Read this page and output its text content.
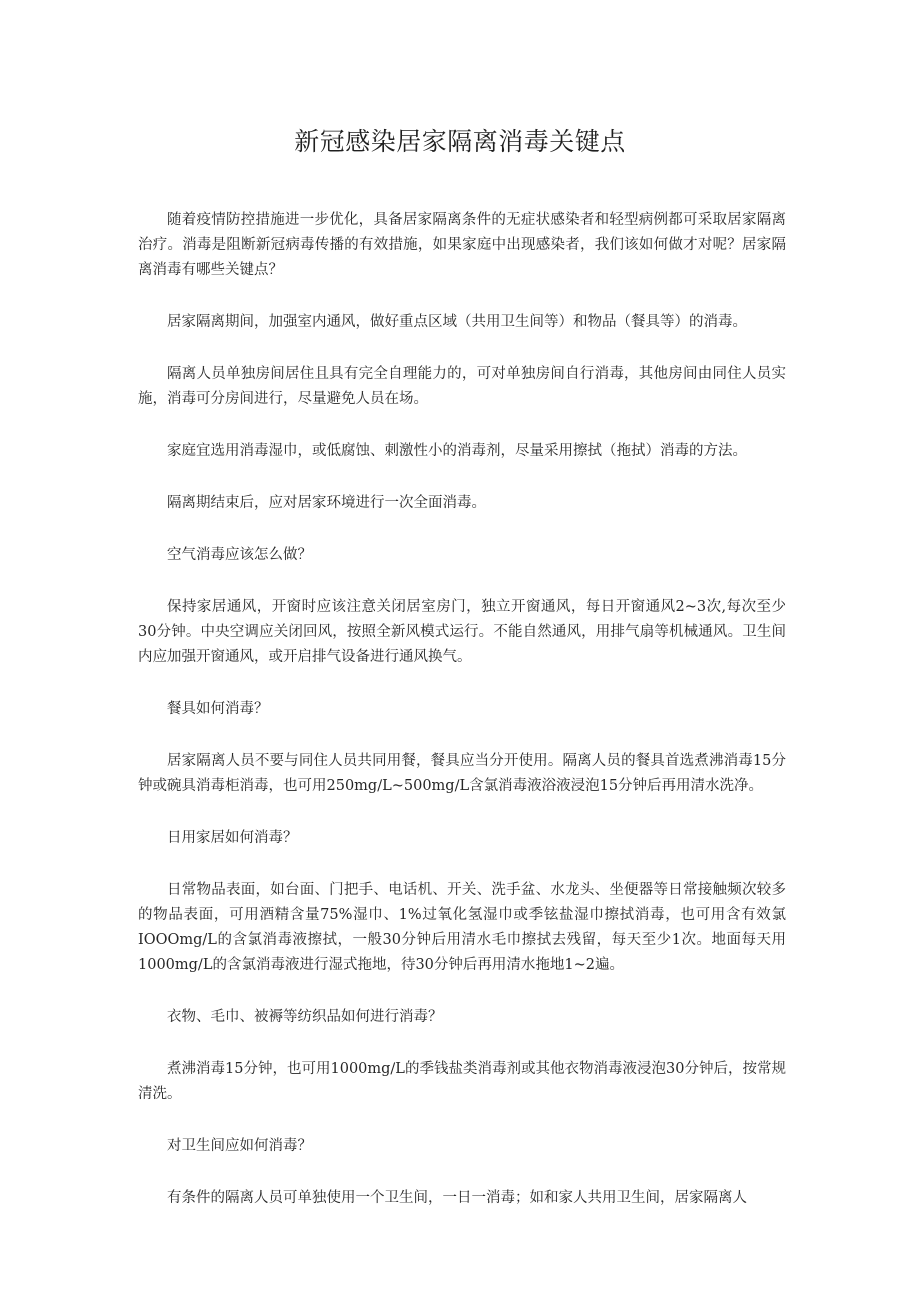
新冠感染居家隔离消毒关键点

随着疫情防控措施进一步优化，具备居家隔离条件的无症状感染者和轻型病例都可采取居家隔离治疗。消毒是阻断新冠病毒传播的有效措施，如果家庭中出现感染者，我们该如何做才对呢？居家隔离消毒有哪些关键点？

居家隔离期间，加强室内通风，做好重点区域（共用卫生间等）和物品（餐具等）的消毒。

隔离人员单独房间居住且具有完全自理能力的，可对单独房间自行消毒，其他房间由同住人员实施，消毒可分房间进行，尽量避免人员在场。

家庭宜选用消毒湿巾，或低腐蚀、刺激性小的消毒剂，尽量采用擦拭（拖拭）消毒的方法。

隔离期结束后，应对居家环境进行一次全面消毒。

空气消毒应该怎么做？

保持家居通风，开窗时应该注意关闭居室房门，独立开窗通风，每日开窗通风2~3次,每次至少30分钟。中央空调应关闭回风，按照全新风模式运行。不能自然通风，用排气扇等机械通风。卫生间内应加强开窗通风，或开启排气设备进行通风换气。

餐具如何消毒？

居家隔离人员不要与同住人员共同用餐，餐具应当分开使用。隔离人员的餐具首选煮沸消毒15分钟或碗具消毒柜消毒，也可用250mg∕L~500mg∕L含氯消毒液浴液浸泡15分钟后再用清水洗净。

日用家居如何消毒？

日常物品表面，如台面、门把手、电话机、开关、洗手盆、水龙头、坐便器等日常接触频次较多的物品表面，可用酒精含量75%湿巾、1%过氧化氢湿巾或季铉盐湿巾擦拭消毒，也可用含有效氯IOOOmg/L的含氯消毒液擦拭，一般30分钟后用清水毛巾擦拭去残留，每天至少1次。地面每天用1000mg∕L的含氯消毒液进行湿式拖地，待30分钟后再用清水拖地1~2遍。

衣物、毛巾、被褥等纺织品如何进行消毒？

煮沸消毒15分钟，也可用1000mg∕L的季钱盐类消毒剂或其他衣物消毒液浸泡30分钟后，按常规清洗。

对卫生间应如何消毒？

有条件的隔离人员可单独使用一个卫生间，一日一消毒；如和家人共用卫生间，居家隔离人
